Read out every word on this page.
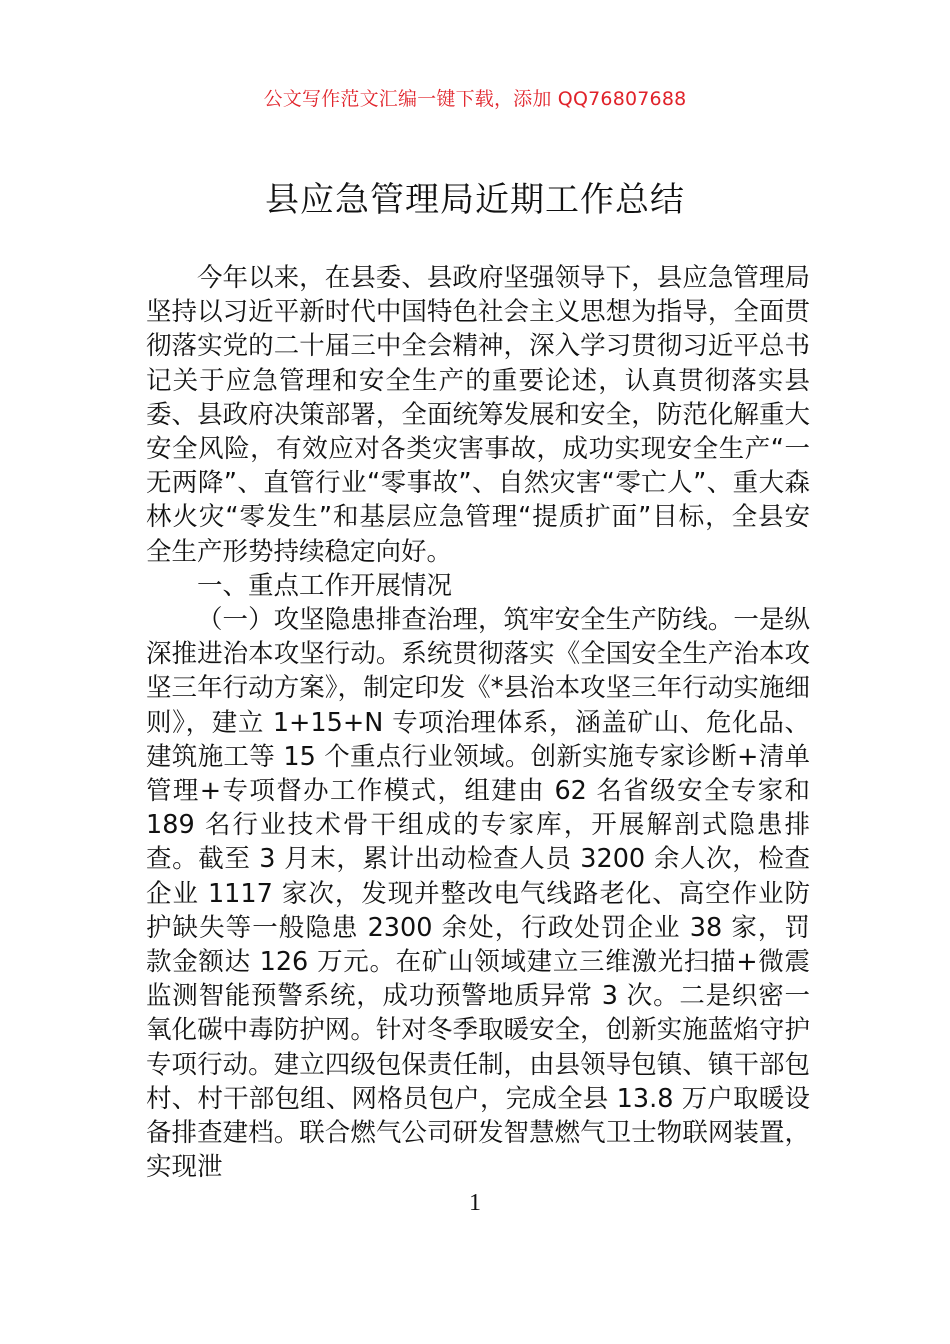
公文写作范文汇编一键下载，添加 QQ76807688
县应急管理局近期工作总结

今年以来，在县委、县政府坚强领导下，县应急管理局坚持以习近平新时代中国特色社会主义思想为指导，全面贯彻落实党的二十届三中全会精神，深入学习贯彻习近平总书记关于应急管理和安全生产的重要论述，认真贯彻落实县委、县政府决策部署，全面统筹发展和安全，防范化解重大安全风险，有效应对各类灾害事故，成功实现安全生产“一无两降”、直管行业“零事故”、自然灾害“零亡人”、重大森林火灾“零发生”和基层应急管理“提质扩面”目标，全县安全生产形势持续稳定向好。

一、重点工作开展情况

（一）攻坚隐患排查治理，筑牢安全生产防线。一是纵深推进治本攻坚行动。系统贯彻落实《全国安全生产治本攻坚三年行动方案》，制定印发《*县治本攻坚三年行动实施细则》，建立 1+15+N 专项治理体系，涵盖矿山、危化品、建筑施工等 15 个重点行业领域。创新实施专家诊断+清单管理+专项督办工作模式，组建由 62 名省级安全专家和 189 名行业技术骨干组成的专家库，开展解剖式隐患排查。截至 3 月末，累计出动检查人员 3200 余人次，检查企业 1117 家次，发现并整改电气线路老化、高空作业防护缺失等一般隐患 2300 余处，行政处罚企业 38 家，罚款金额达 126 万元。在矿山领域建立三维激光扫描+微震监测智能预警系统，成功预警地质异常 3 次。二是织密一氧化碳中毒防护网。针对冬季取暖安全，创新实施蓝焰守护专项行动。建立四级包保责任制，由县领导包镇、镇干部包村、村干部包组、网格员包户，完成全县 13.8 万户取暖设备排查建档。联合燃气公司研发智慧燃气卫士物联网装置，实现泄

1
